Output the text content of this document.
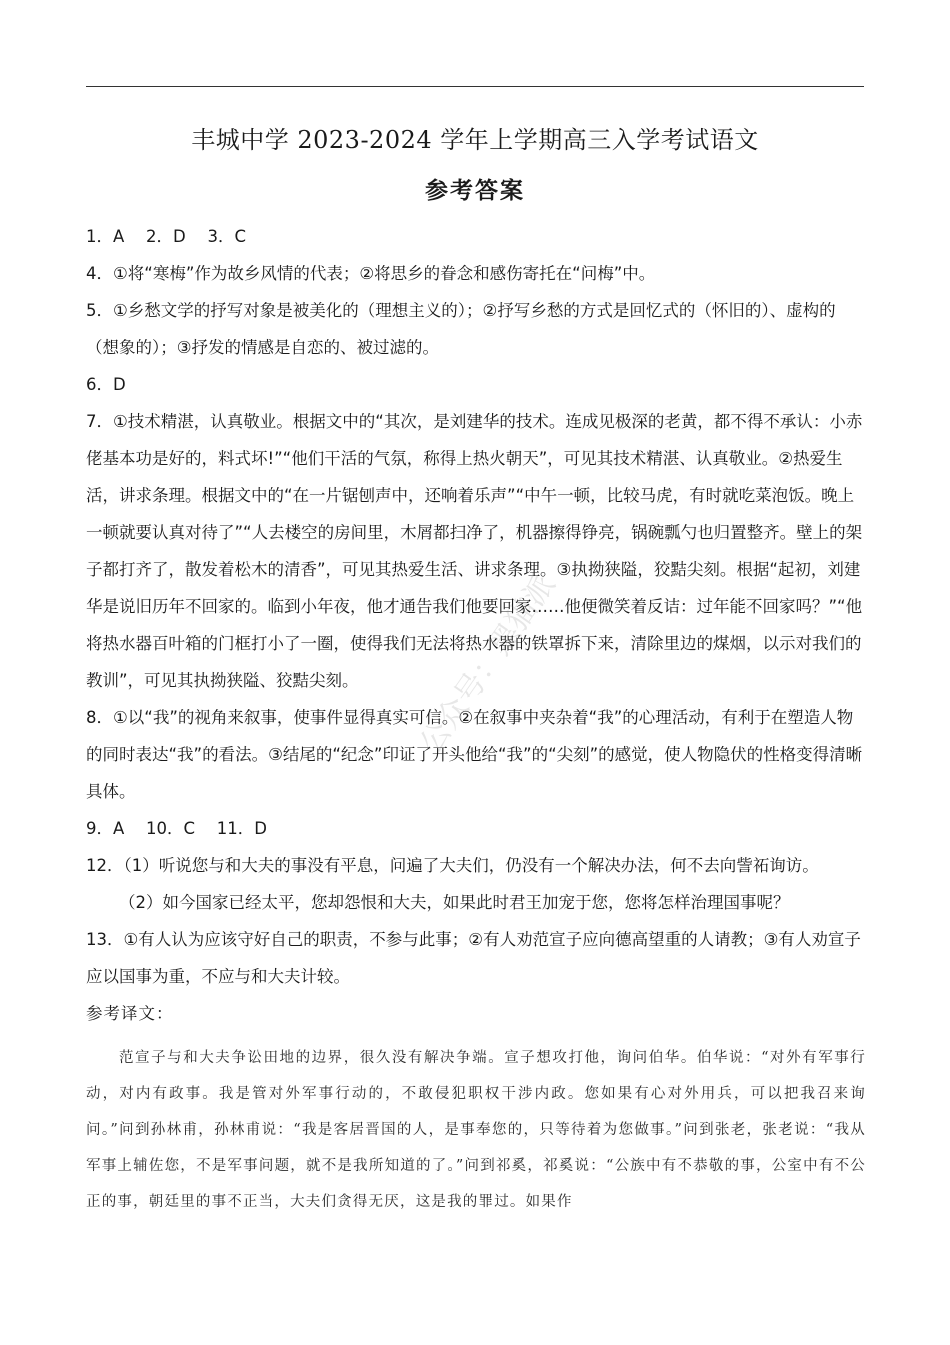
丰城中学 2023-2024 学年上学期高三入学考试语文
参考答案

1．A　 2．D　 3．C

4．①将“寒梅”作为故乡风情的代表；②将思乡的眷念和感伤寄托在“问梅”中。

5．①乡愁文学的抒写对象是被美化的（理想主义的）；②抒写乡愁的方式是回忆式的（怀旧的）、虚构的（想象的）；③抒发的情感是自恋的、被过滤的。

6．D

7．①技术精湛，认真敬业。根据文中的“其次，是刘建华的技术。连成见极深的老黄，都不得不承认：小赤佬基本功是好的，料式坏!”“他们干活的气氛，称得上热火朝天”，可见其技术精湛、认真敬业。②热爱生活，讲求条理。根据文中的“在一片锯刨声中，还响着乐声”“中午一顿，比较马虎，有时就吃菜泡饭。晚上一顿就要认真对待了”“人去楼空的房间里，木屑都扫净了，机器擦得铮亮，锅碗瓢勺也归置整齐。壁上的架子都打齐了，散发着松木的清香”，可见其热爱生活、讲求条理。③执拗狭隘，狡黠尖刻。根据“起初，刘建华是说旧历年不回家的。临到小年夜，他才通告我们他要回家……他便微笑着反诘：过年能不回家吗？”“他将热水器百叶箱的门框打小了一圈，使得我们无法将热水器的铁罩拆下来，清除里边的煤烟，以示对我们的教训”，可见其执拗狭隘、狡黠尖刻。

8．①以“我”的视角来叙事，使事件显得真实可信。②在叙事中夹杂着“我”的心理活动，有利于在塑造人物的同时表达“我”的看法。③结尾的“纪念”印证了开头他给“我”的“尖刻”的感觉，使人物隐伏的性格变得清晰具体。

9．A　 10．C　 11．D

12．（1）听说您与和大夫的事没有平息，问遍了大夫们，仍没有一个解决办法，何不去向訾祏询访。

（2）如今国家已经太平，您却怨恨和大夫，如果此时君王加宠于您，您将怎样治理国事呢？

13．①有人认为应该守好自己的职责，不参与此事；②有人劝范宣子应向德高望重的人请教；③有人劝宣子应以国事为重，不应与和大夫计较。

参考译文：

范宣子与和大夫争讼田地的边界，很久没有解决争端。宣子想攻打他，询问伯华。伯华说：“对外有军事行动，对内有政事。我是管对外军事行动的，不敢侵犯职权干涉内政。您如果有心对外用兵，可以把我召来询问。”问到孙林甫，孙林甫说：“我是客居晋国的人，是事奉您的，只等待着为您做事。”问到张老，张老说：“我从军事上辅佐您，不是军事问题，就不是我所知道的了。”问到祁奚，祁奚说：“公族中有不恭敬的事，公室中有不公正的事，朝廷里的事不正当，大夫们贪得无厌，这是我的罪过。如果作
公众号：黑猫派
